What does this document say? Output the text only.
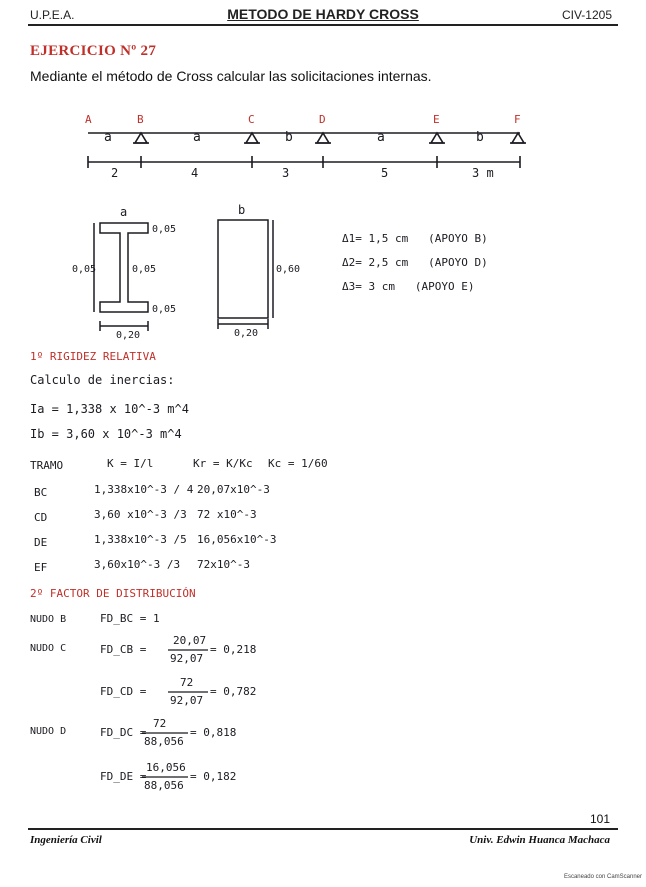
U.P.E.A.	METODO DE HARDY CROSS	CIV-1205
EJERCICIO Nº 27
Mediante el método de Cross calcular las solicitaciones internas.
A	B	C	D	E	F
a	a	b	a	b
2	4	3	5	3 m
a
0,05
0,05	0,05
0,05
0,20
b
0,60
0,20
Δ1= 1,5 cm (APOYO B)
Δ2= 2,5 cm (APOYO D)
Δ3= 3 cm (APOYO E)
1º RIGIDEZ RELATIVA
Calculo de inercias:
Ia = 1,338 x 10^-3 m^4
Ib = 3,60 x 10^-3 m^4
TRAMO	K = I/l	Kr = K/Kc Kc = 1/60
BC	1,338x10^-3 / 4 20,07x10^-3
CD	3,60 x10^-3 /3 72 x10^-3
DE	1,338x10^-3 /5 16,056x10^-3
EF	3,60x10^-3 /3 72x10^-3
2º FACTOR DE DISTRIBUCIÓN
NUDO B	FD_BC = 1
NUDO C	FD_CB =
20,07
92,07
= 0,218
FD_CD =
72
92,07
= 0,782
NUDO D	FD_DC =
72
88,056
= 0,818
FD_DE =
16,056
88,056
= 0,182
101
Ingeniería Civil	Univ. Edwin Huanca Machaca
Escaneado con CamScanner
